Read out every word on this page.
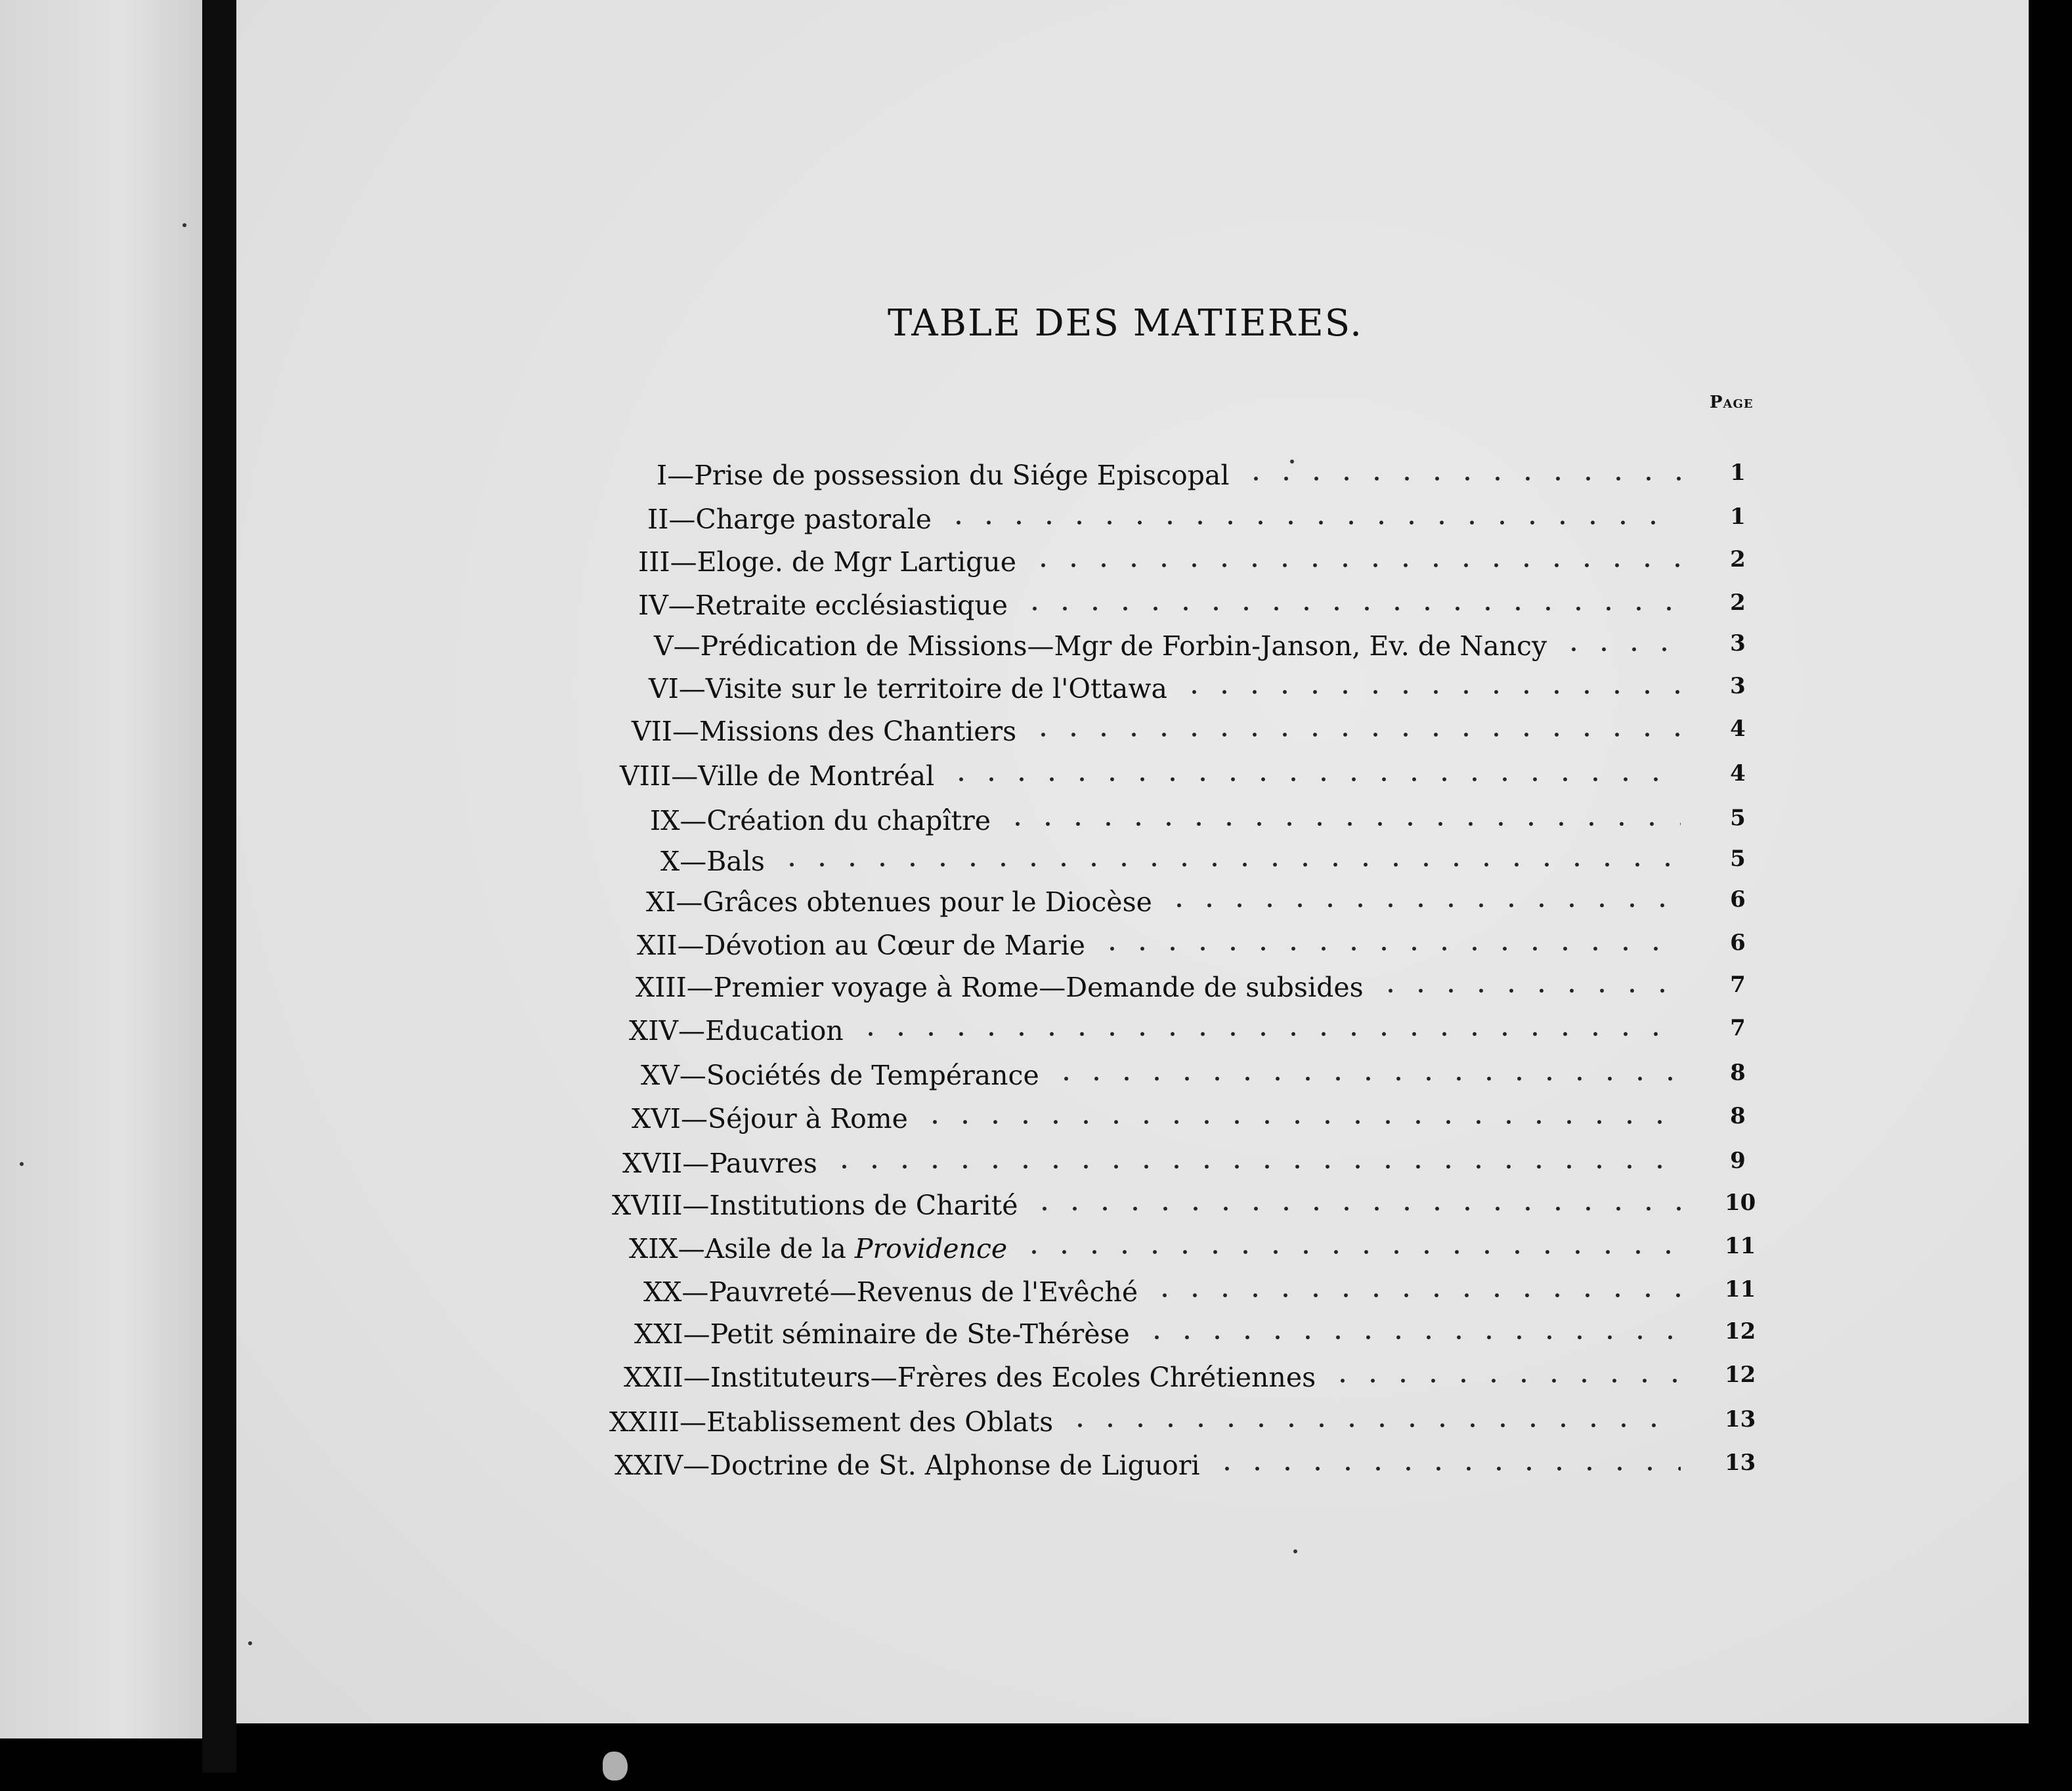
TABLE DES MATIERES.
Page
I—Prise de possession du Siége Episcopal	1
II—Charge pastorale	1
III—Eloge. de Mgr Lartigue	2
IV—Retraite ecclésiastique	2
V—Prédication de Missions—Mgr de Forbin-Janson, Ev. de Nancy	3
VI—Visite sur le territoire de l'Ottawa	3
VII—Missions des Chantiers	4
VIII—Ville de Montréal	4
IX—Création du chapître	5
X—Bals	5
XI—Grâces obtenues pour le Diocèse	6
XII—Dévotion au Cœur de Marie	6
XIII—Premier voyage à Rome—Demande de subsides	7
XIV—Education	7
XV—Sociétés de Tempérance	8
XVI—Séjour à Rome	8
XVII—Pauvres	9
XVIII—Institutions de Charité	10
XIX—Asile de la Providence	11
XX—Pauvreté—Revenus de l'Evêché	11
XXI—Petit séminaire de Ste-Thérèse	12
XXII—Instituteurs—Frères des Ecoles Chrétiennes	12
XXIII—Etablissement des Oblats	13
XXIV—Doctrine de St. Alphonse de Liguori	13
